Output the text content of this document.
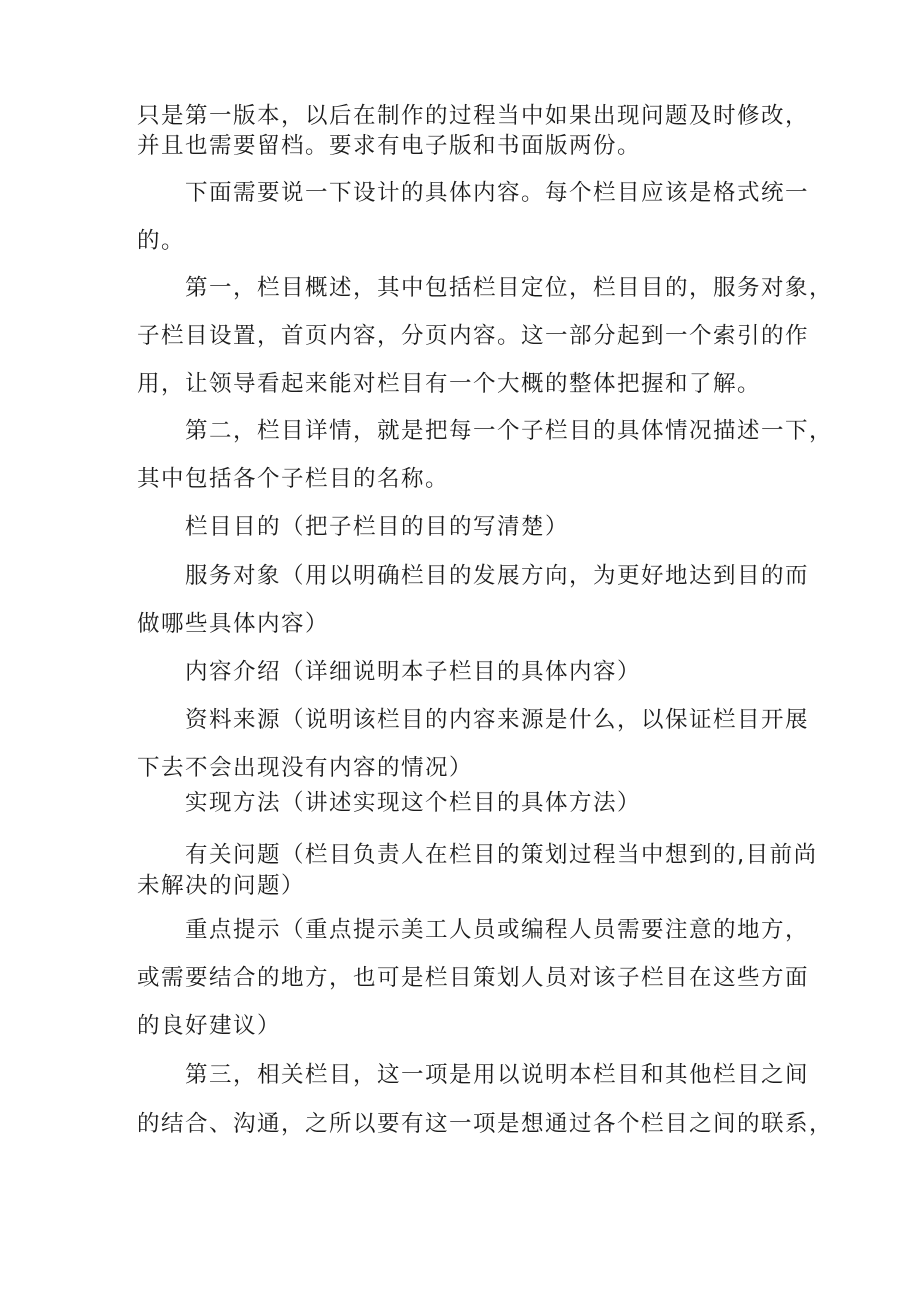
只是第一版本，以后在制作的过程当中如果出现问题及时修改，
并且也需要留档。要求有电子版和书面版两份。
下面需要说一下设计的具体内容。每个栏目应该是格式统一
的。
第一，栏目概述，其中包括栏目定位，栏目目的，服务对象，
子栏目设置，首页内容，分页内容。这一部分起到一个索引的作
用，让领导看起来能对栏目有一个大概的整体把握和了解。
第二，栏目详情，就是把每一个子栏目的具体情况描述一下，
其中包括各个子栏目的名称。
栏目目的（把子栏目的目的写清楚）
服务对象（用以明确栏目的发展方向，为更好地达到目的而
做哪些具体内容）
内容介绍（详细说明本子栏目的具体内容）
资料来源（说明该栏目的内容来源是什么，以保证栏目开展
下去不会出现没有内容的情况）
实现方法（讲述实现这个栏目的具体方法）
有关问题（栏目负责人在栏目的策划过程当中想到的,目前尚
未解决的问题）
重点提示（重点提示美工人员或编程人员需要注意的地方，
或需要结合的地方，也可是栏目策划人员对该子栏目在这些方面
的良好建议）
第三，相关栏目，这一项是用以说明本栏目和其他栏目之间
的结合、沟通，之所以要有这一项是想通过各个栏目之间的联系，
